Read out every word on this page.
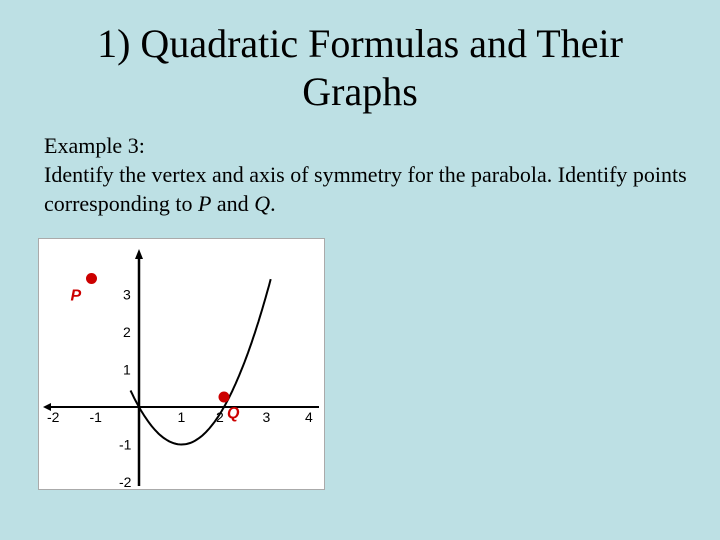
1) Quadratic Formulas and Their
Graphs

Example 3:

Identify the vertex and axis of symmetry for the parabola. Identify points corresponding to P and Q.

-2 -1	1 2	3 4
3
2
1
-1
-2
P
Q
